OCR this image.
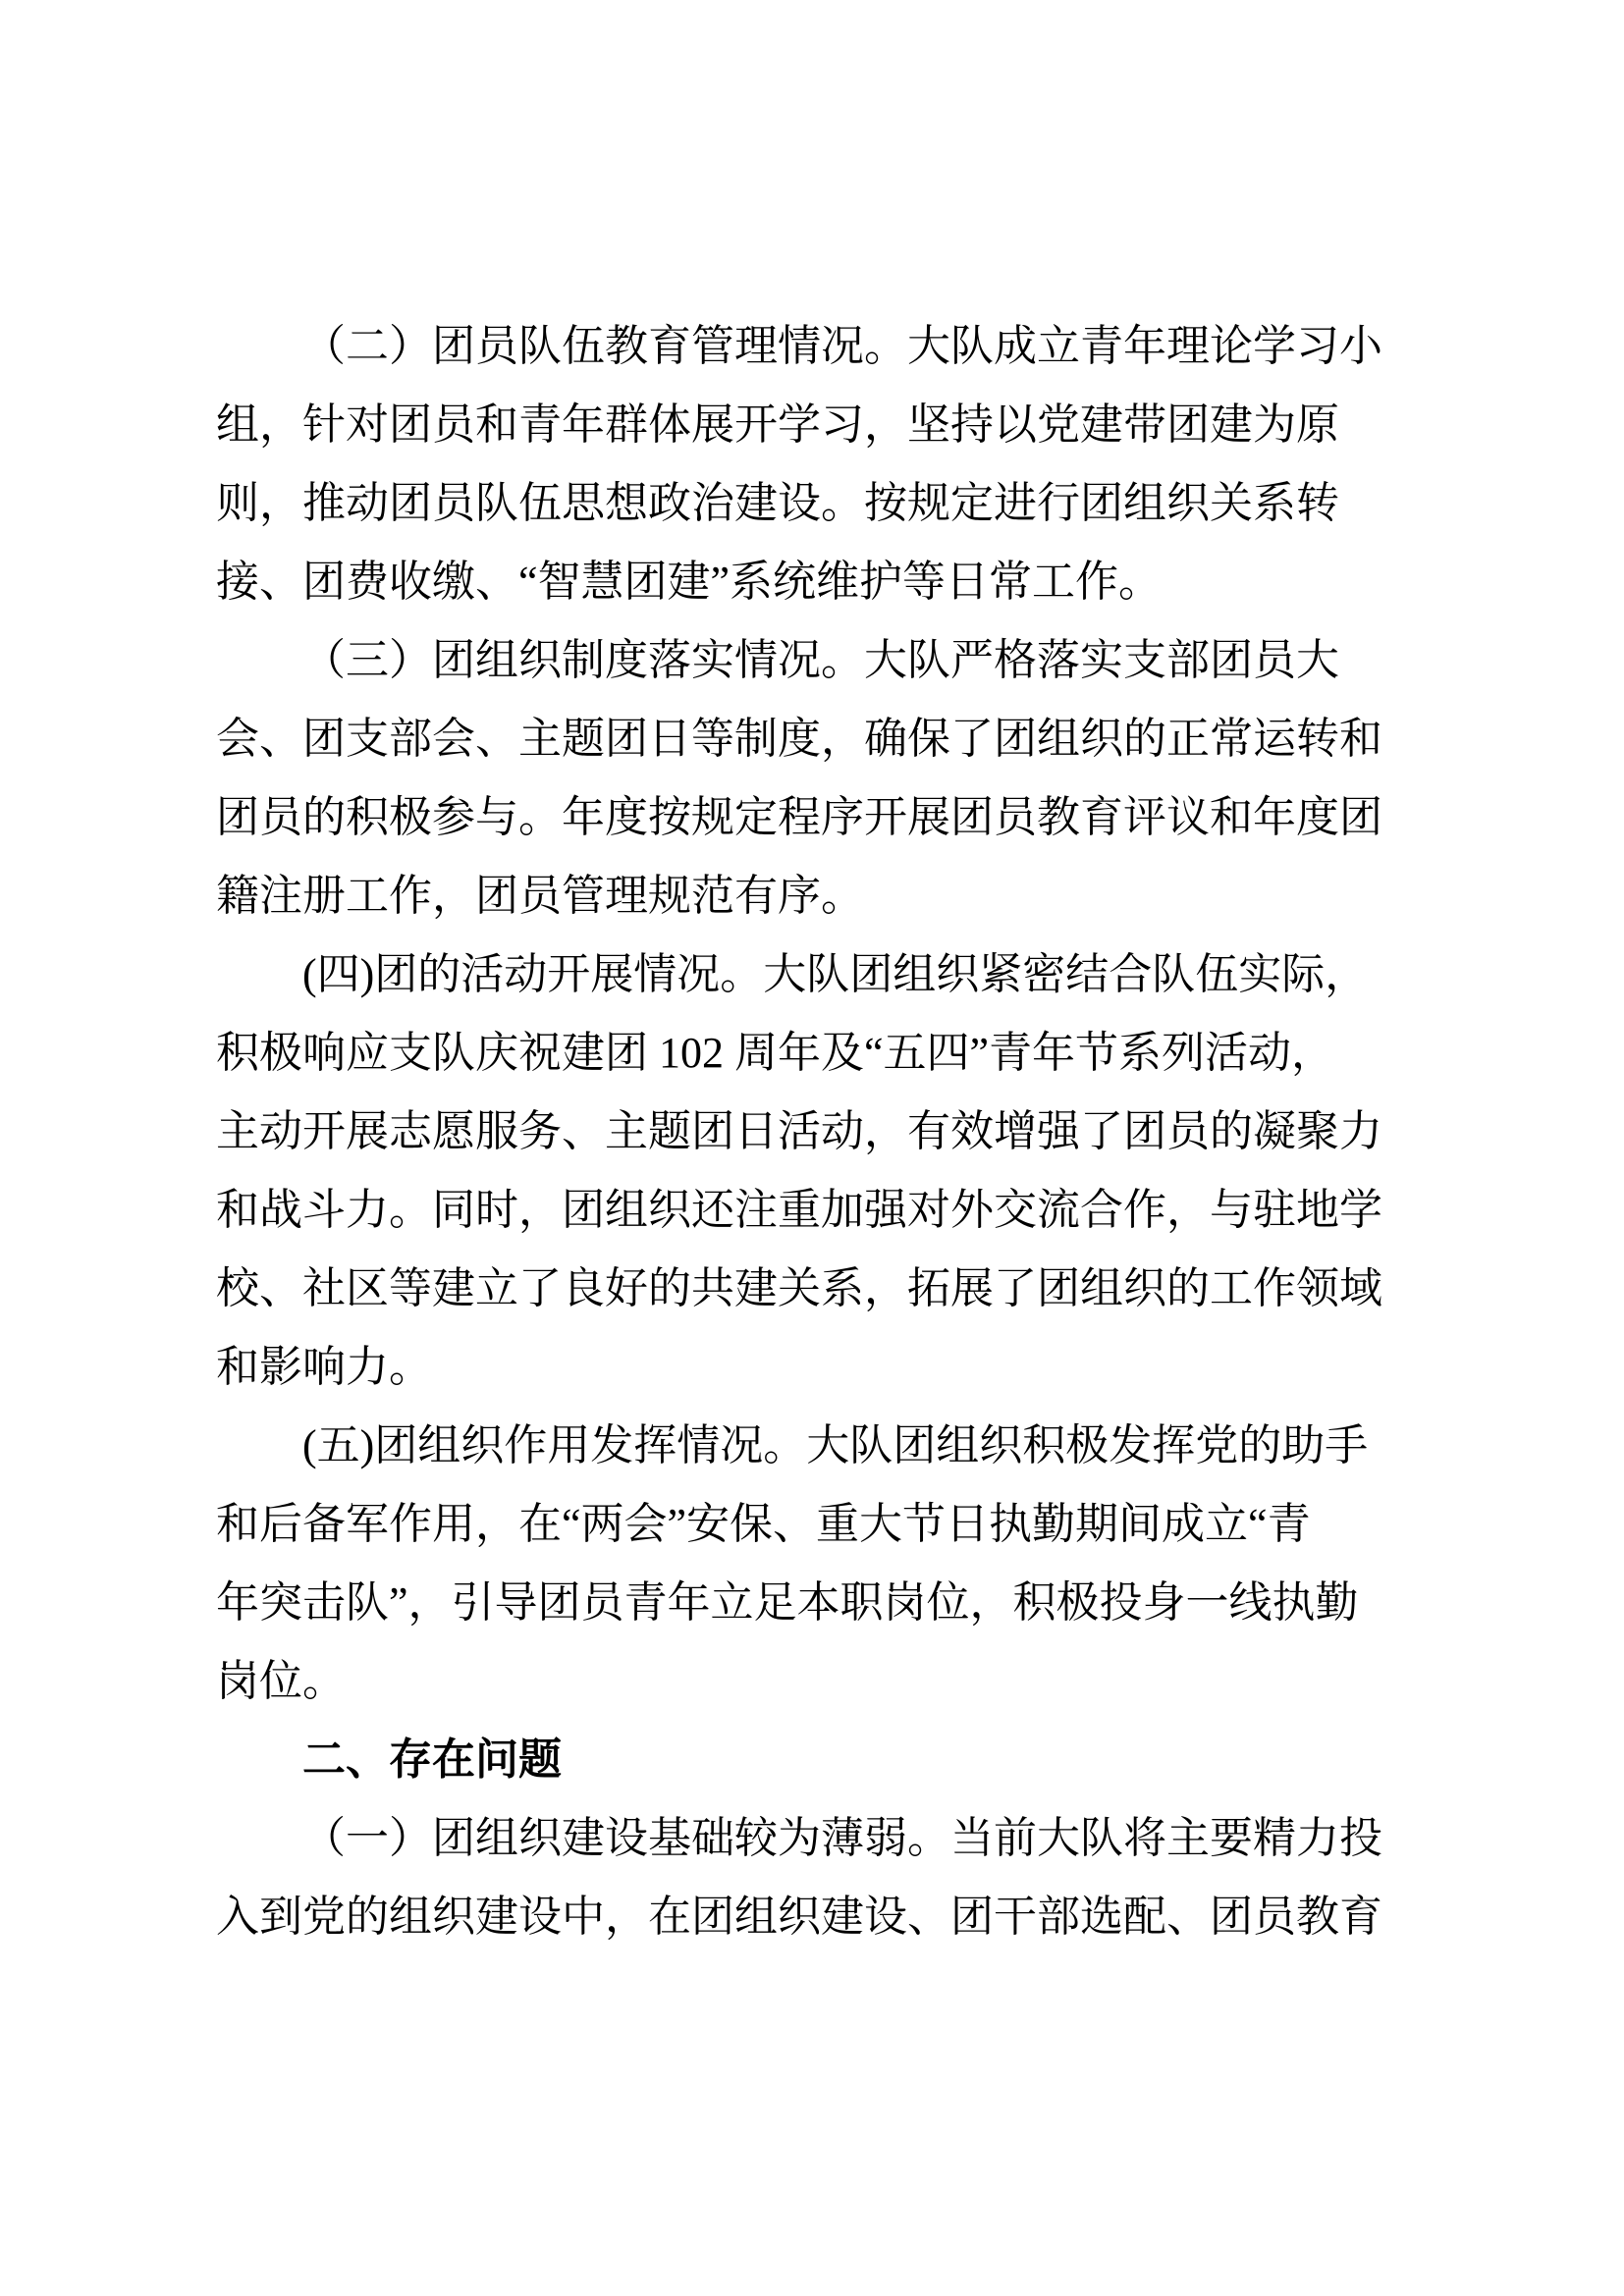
（二）团员队伍教育管理情况。大队成立青年理论学习小
组，针对团员和青年群体展开学习，坚持以党建带团建为原
则，推动团员队伍思想政治建设。按规定进行团组织关系转
接、团费收缴、“智慧团建”系统维护等日常工作。
（三）团组织制度落实情况。大队严格落实支部团员大
会、团支部会、主题团日等制度，确保了团组织的正常运转和
团员的积极参与。年度按规定程序开展团员教育评议和年度团
籍注册工作，团员管理规范有序。
(四)团的活动开展情况。大队团组织紧密结合队伍实际，
积极响应支队庆祝建团 102 周年及“五四”青年节系列活动，
主动开展志愿服务、主题团日活动，有效增强了团员的凝聚力
和战斗力。同时，团组织还注重加强对外交流合作，与驻地学
校、社区等建立了良好的共建关系，拓展了团组织的工作领域
和影响力。
(五)团组织作用发挥情况。大队团组织积极发挥党的助手
和后备军作用，在“两会”安保、重大节日执勤期间成立“青
年突击队”，引导团员青年立足本职岗位，积极投身一线执勤
岗位。
二、存在问题
（一）团组织建设基础较为薄弱。当前大队将主要精力投
入到党的组织建设中，在团组织建设、团干部选配、团员教育
